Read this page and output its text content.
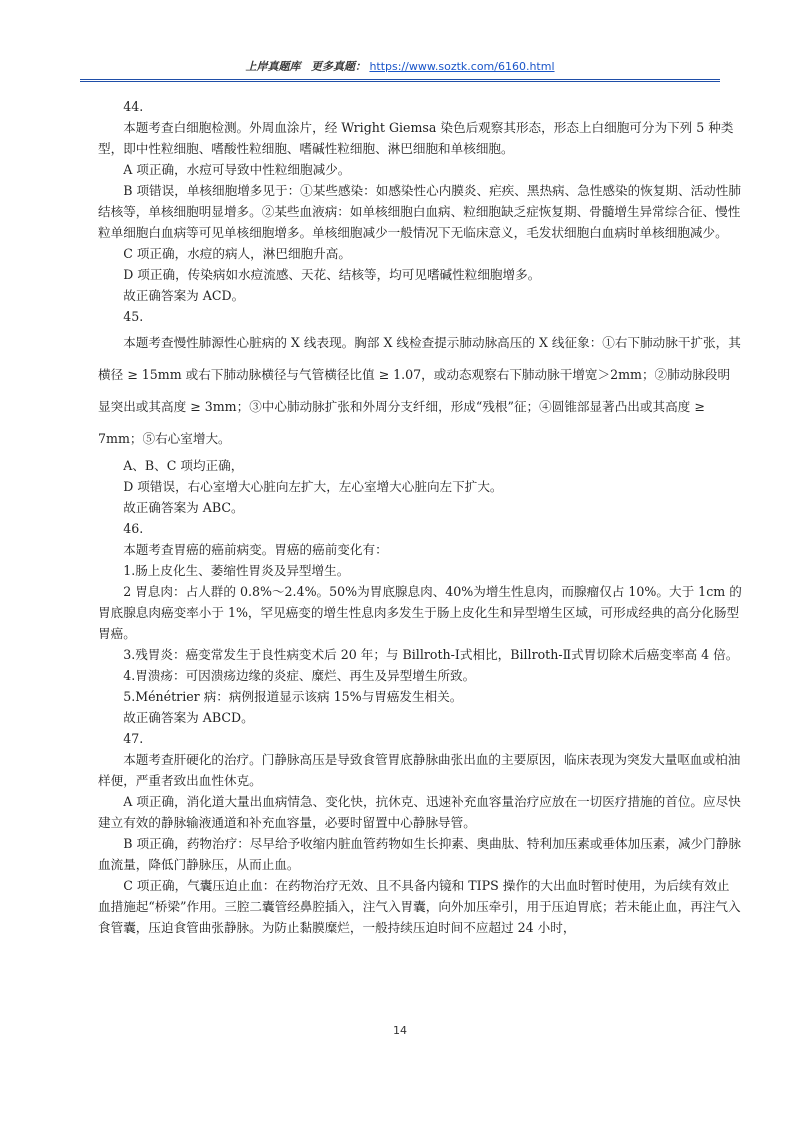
上岸真题库 更多真题： https://www.soztk.com/6160.html

44.

本题考查白细胞检测。外周血涂片，经 Wright Giemsa 染色后观察其形态，形态上白细胞可分为下列 5 种类型，即中性粒细胞、嗜酸性粒细胞、嗜碱性粒细胞、淋巴细胞和单核细胞。

A 项正确，水痘可导致中性粒细胞减少。

B 项错误，单核细胞增多见于：①某些感染：如感染性心内膜炎、疟疾、黑热病、急性感染的恢复期、活动性肺结核等，单核细胞明显增多。②某些血液病：如单核细胞白血病、粒细胞缺乏症恢复期、骨髓增生异常综合征、慢性粒单细胞白血病等可见单核细胞增多。单核细胞减少一般情况下无临床意义，毛发状细胞白血病时单核细胞减少。

C 项正确，水痘的病人，淋巴细胞升高。

D 项正确，传染病如水痘流感、天花、结核等，均可见嗜碱性粒细胞增多。

故正确答案为 ACD。

45.

本题考查慢性肺源性心脏病的 X 线表现。胸部 X 线检查提示肺动脉高压的 X 线征象：①右下肺动脉干扩张，其横径 ≥ 15mm 或右下肺动脉横径与气管横径比值 ≥ 1.07，或动态观察右下肺动脉干增宽＞2mm；②肺动脉段明显突出或其高度 ≥ 3mm；③中心肺动脉扩张和外周分支纤细，形成“残根”征；④圆锥部显著凸出或其高度 ≥ 7mm；⑤右心室增大。

A、B、C 项均正确，

D 项错误，右心室增大心脏向左扩大，左心室增大心脏向左下扩大。

故正确答案为 ABC。

46.

本题考查胃癌的癌前病变。胃癌的癌前变化有：

1.肠上皮化生、萎缩性胃炎及异型增生。

2 胃息肉：占人群的 0.8%～2.4%。50%为胃底腺息肉、40%为增生性息肉，而腺瘤仅占 10%。大于 1cm 的胃底腺息肉癌变率小于 1%，罕见癌变的增生性息肉多发生于肠上皮化生和异型增生区域，可形成经典的高分化肠型胃癌。

3.残胃炎：癌变常发生于良性病变术后 20 年；与 Billroth-Ⅰ式相比，Billroth-Ⅱ式胃切除术后癌变率高 4 倍。

4.胃溃疡：可因溃疡边缘的炎症、糜烂、再生及异型增生所致。

5.Ménétrier 病：病例报道显示该病 15%与胃癌发生相关。

故正确答案为 ABCD。

47.

本题考查肝硬化的治疗。门静脉高压是导致食管胃底静脉曲张出血的主要原因，临床表现为突发大量呕血或柏油样便，严重者致出血性休克。

A 项正确，消化道大量出血病情急、变化快，抗休克、迅速补充血容量治疗应放在一切医疗措施的首位。应尽快建立有效的静脉输液通道和补充血容量，必要时留置中心静脉导管。

B 项正确，药物治疗：尽早给予收缩内脏血管药物如生长抑素、奥曲肽、特利加压素或垂体加压素，减少门静脉血流量，降低门静脉压，从而止血。

C 项正确，气囊压迫止血：在药物治疗无效、且不具备内镜和 TIPS 操作的大出血时暂时使用，为后续有效止血措施起“桥梁”作用。三腔二囊管经鼻腔插入，注气入胃囊，向外加压牵引，用于压迫胃底；若未能止血，再注气入食管囊，压迫食管曲张静脉。为防止黏膜糜烂，一般持续压迫时间不应超过 24 小时，

14
